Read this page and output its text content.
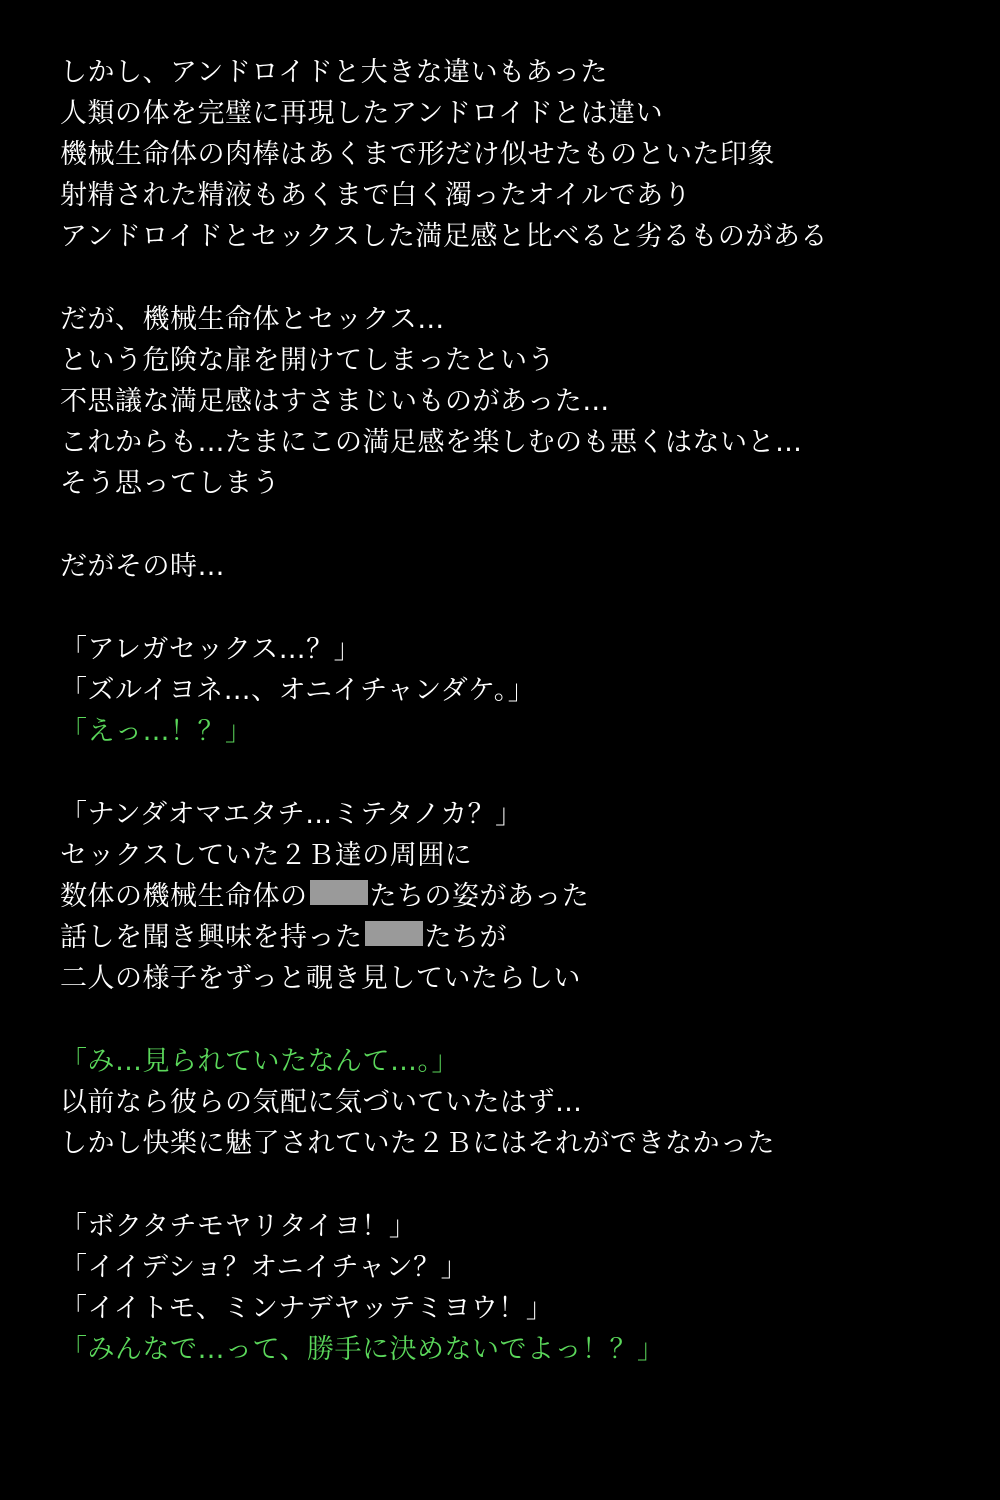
しかし、アンドロイドと大きな違いもあった
人類の体を完璧に再現したアンドロイドとは違い
機械生命体の肉棒はあくまで形だけ似せたものといた印象
射精された精液もあくまで白く濁ったオイルであり
アンドロイドとセックスした満足感と比べると劣るものがある
だが、機械生命体とセックス…
という危険な扉を開けてしまったという
不思議な満足感はすさまじいものがあった…
これからも…たまにこの満足感を楽しむのも悪くはないと…
そう思ってしまう
だがその時…
「アレガセックス…？」
「ズルイヨネ…、オニイチャンダケ。」
「えっ…！？」
「ナンダオマエタチ…ミテタノカ？」
セックスしていた２Ｂ達の周囲に
数体の機械生命体の たちの姿があった
話しを聞き興味を持った たちが
二人の様子をずっと覗き見していたらしい
「み…見られていたなんて…。」
以前なら彼らの気配に気づいていたはず…
しかし快楽に魅了されていた２Ｂにはそれができなかった
「ボクタチモヤリタイヨ！」
「イイデショ？オニイチャン？」
「イイトモ、ミンナデヤッテミヨウ！」
「みんなで…って、勝手に決めないでよっ！？」
